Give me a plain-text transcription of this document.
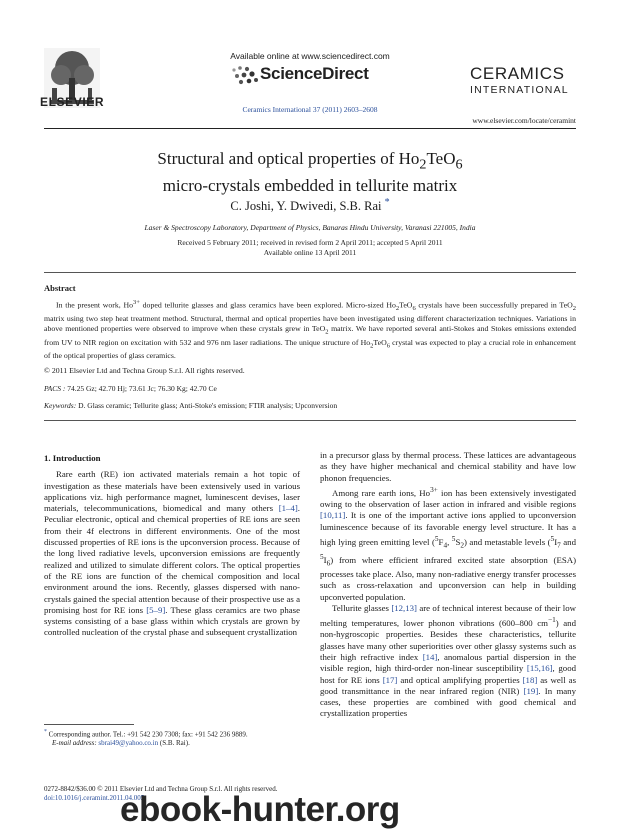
ELSEVIER
Available online at www.sciencedirect.com
ScienceDirect
Ceramics International 37 (2011) 2603–2608
CERAMICS
INTERNATIONAL
www.elsevier.com/locate/ceramint
Structural and optical properties of $Ho_2TeO_6$
micro-crystals embedded in tellurite matrix
C. Joshi, Y. Dwivedi, S.B. Rai *
Laser & Spectroscopy Laboratory, Department of Physics, Banaras Hindu University, Varanasi 221005, India
Received 5 February 2011; received in revised form 2 April 2011; accepted 5 April 2011
Available online 13 April 2011
Abstract
In the present work, $Ho^{3+}$ doped tellurite glasses and glass ceramics have been explored. Micro-sized $Ho_2TeO_6$ crystals have been successfully prepared in TeO$_2$ matrix using two step heat treatment method. Structural, thermal and optical properties have been investigated using different characterization techniques. Variations in above mentioned properties were observed to improve when these crystals grew in TeO$_2$ matrix. We have reported several anti-Stokes and Stokes emissions extended from UV to NIR region on excitation with 532 and 976 nm laser radiations. The unique structure of $Ho_2TeO_6$ crystal was expected to play a crucial role in enhancement of the optical properties of glass ceramics.
© 2011 Elsevier Ltd and Techna Group S.r.l. All rights reserved.
PACS : 74.25 Gz; 42.70 Hj; 73.61 Jc; 76.30 Kg; 42.70 Ce
Keywords: D. Glass ceramic; Tellurite glass; Anti-Stoke's emission; FTIR analysis; Upconversion

1. Introduction

Rare earth (RE) ion activated materials remain a hot topic of investigation as these materials have been extensively used in various applications viz. high performance magnet, luminescent devises, laser materials, telecommunications, biomedical and many others [1–4]. Peculiar electronic, optical and chemical properties of RE ions are seen from their 4f electrons in different environments. One of the most discussed properties of RE ions is the upconversion process. Because of the long lived radiative levels, upconversion emissions are frequently realized and utilized to simulate different colors. The optical properties of the RE ions are function of the chemical composition and local environment around the ions. Recently, glasses dispersed with nano-crystals gained the special attention because of their prospective use as a promising host for RE ions [5–9]. These glass ceramics are two phase systems consisting of a base glass within which crystals are grown by controlled nucleation of the crystal phase and subsequent crystallization

in a precursor glass by thermal process. These lattices are advantageous as they have higher mechanical and chemical stability and have low phonon frequencies.

Among rare earth ions, $Ho^{3+}$ ion has been extensively investigated owing to the observation of laser action in infrared and visible regions [10,11]. It is one of the important active ions applied to upconversion luminescence because of its favorable energy level structure. It has a high lying green emitting level ($^5F_4$, $^5S_2$) and metastable levels ($^5I_7$ and $^5I_6$) from where efficient infrared excited state absorption (ESA) processes take place. Also, many non-radiative energy transfer processes such as cross-relaxation and upconversion can help in building upconverted population.

Tellurite glasses [12,13] are of technical interest because of their low melting temperatures, lower phonon vibrations (600–800 $cm^{-1}$) and non-hygroscopic properties. Besides these characteristics, tellurite glasses have many other superiorities over other glassy systems such as their high refractive index [14], anomalous partial dispersion in the visible region, high third-order non-linear susceptibility [15,16], good host for RE ions [17] and optical amplifying properties [18] as well as good transmittance in the near infrared region (NIR) [19]. In many cases, these properties are combined with good chemical and crystallization properties

* Corresponding author. Tel.: +91 542 230 7308; fax: +91 542 236 9889.
E-mail address: sbrai49@yahoo.co.in (S.B. Rai).
0272-8842/$36.00 © 2011 Elsevier Ltd and Techna Group S.r.l. All rights reserved.
doi:10.1016/j.ceramint.2011.04.005
ebook-hunter.org
